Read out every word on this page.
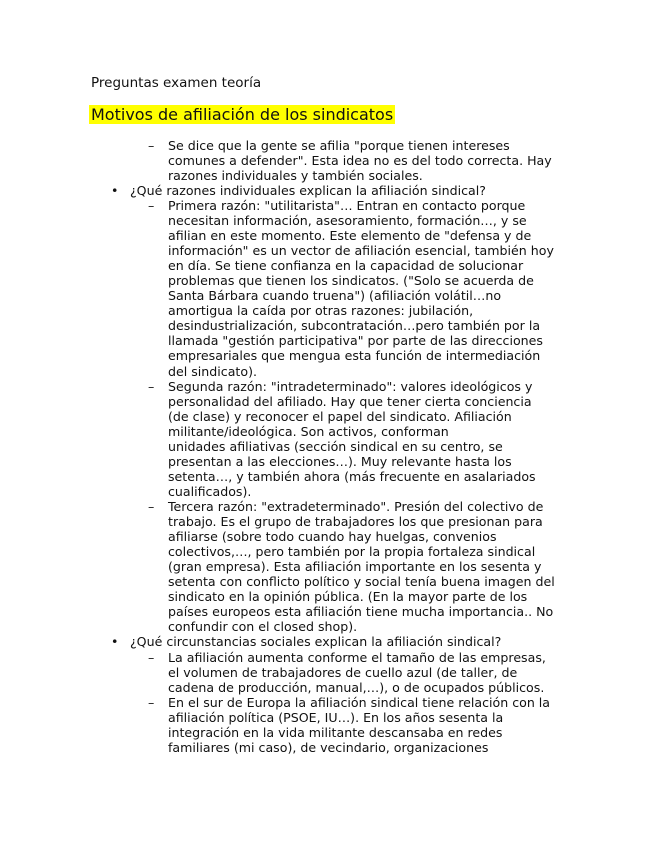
Preguntas examen teoría
Motivos de afiliación de los sindicatos
– Se dice que la gente se afilia "porque tienen intereses
comunes a defender". Esta idea no es del todo correcta. Hay
razones individuales y también sociales.
• ¿Qué razones individuales explican la afiliación sindical?
– Primera razón: "utilitarista"… Entran en contacto porque
necesitan información, asesoramiento, formación…, y se
afilian en este momento. Este elemento de "defensa y de
información" es un vector de afiliación esencial, también hoy
en día. Se tiene confianza en la capacidad de solucionar
problemas que tienen los sindicatos. ("Solo se acuerda de
Santa Bárbara cuando truena") (afiliación volátil…no
amortigua la caída por otras razones: jubilación,
desindustrialización, subcontratación…pero también por la
llamada "gestión participativa" por parte de las direcciones
empresariales que mengua esta función de intermediación
del sindicato).
– Segunda razón: "intradeterminado": valores ideológicos y
personalidad del afiliado. Hay que tener cierta conciencia
(de clase) y reconocer el papel del sindicato. Afiliación
militante/ideológica. Son activos, conforman
unidades afiliativas (sección sindical en su centro, se
presentan a las elecciones…). Muy relevante hasta los
setenta…, y también ahora (más frecuente en asalariados
cualificados).
– Tercera razón: "extradeterminado". Presión del colectivo de
trabajo. Es el grupo de trabajadores los que presionan para
afiliarse (sobre todo cuando hay huelgas, convenios
colectivos,…, pero también por la propia fortaleza sindical
(gran empresa). Esta afiliación importante en los sesenta y
setenta con conflicto político y social tenía buena imagen del
sindicato en la opinión pública. (En la mayor parte de los
países europeos esta afiliación tiene mucha importancia.. No
confundir con el closed shop).
• ¿Qué circunstancias sociales explican la afiliación sindical?
– La afiliación aumenta conforme el tamaño de las empresas,
el volumen de trabajadores de cuello azul (de taller, de
cadena de producción, manual,…), o de ocupados públicos.
– En el sur de Europa la afiliación sindical tiene relación con la
afiliación política (PSOE, IU…). En los años sesenta la
integración en la vida militante descansaba en redes
familiares (mi caso), de vecindario, organizaciones
